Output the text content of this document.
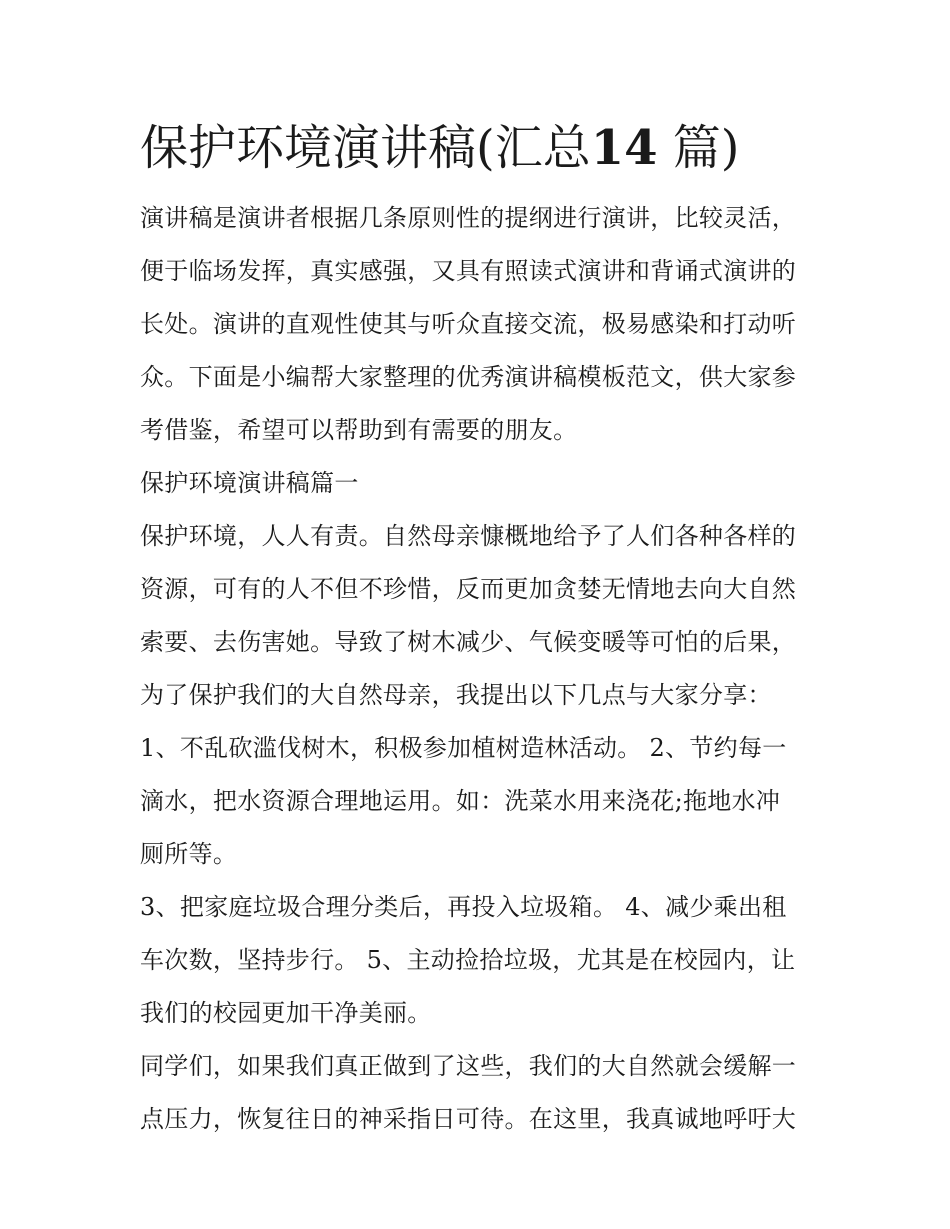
保护环境演讲稿(汇总14 篇)

演讲稿是演讲者根据几条原则性的提纲进行演讲，比较灵活，
便于临场发挥，真实感强，又具有照读式演讲和背诵式演讲的
长处。演讲的直观性使其与听众直接交流，极易感染和打动听
众。下面是小编帮大家整理的优秀演讲稿模板范文，供大家参
考借鉴，希望可以帮助到有需要的朋友。

保护环境演讲稿篇一

保护环境，人人有责。自然母亲慷概地给予了人们各种各样的
资源，可有的人不但不珍惜，反而更加贪婪无情地去向大自然
索要、去伤害她。导致了树木减少、气候变暖等可怕的后果，
为了保护我们的大自然母亲，我提出以下几点与大家分享：

1、不乱砍滥伐树木，积极参加植树造林活动。 2、节约每一
滴水，把水资源合理地运用。如：洗菜水用来浇花;拖地水冲
厕所等。

3、把家庭垃圾合理分类后，再投入垃圾箱。 4、减少乘出租
车次数，坚持步行。 5、主动捡拾垃圾，尤其是在校园内，让
我们的校园更加干净美丽。

同学们，如果我们真正做到了这些，我们的大自然就会缓解一
点压力，恢复往日的神采指日可待。在这里，我真诚地呼吁大
